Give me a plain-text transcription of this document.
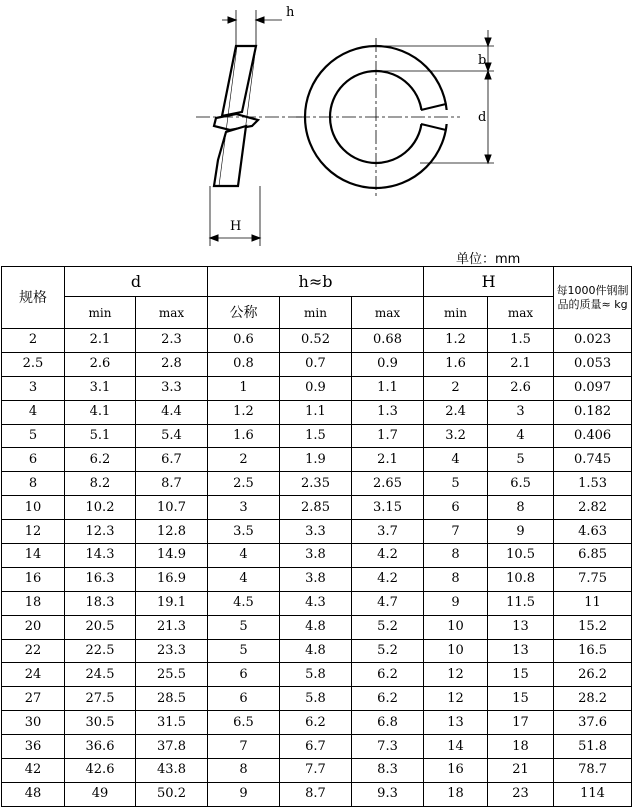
h
b
d
H
单位：mm
规格	d		h≈b			H		每1000件钢制品的质量≈ kg
	min	max	公称	min	max	min	max	
2	2.1	2.3	0.6	0.52	0.68	1.2	1.5	0.023
2.5	2.6	2.8	0.8	0.7	0.9	1.6	2.1	0.053
3	3.1	3.3	1	0.9	1.1	2	2.6	0.097
4	4.1	4.4	1.2	1.1	1.3	2.4	3	0.182
5	5.1	5.4	1.6	1.5	1.7	3.2	4	0.406
6	6.2	6.7	2	1.9	2.1	4	5	0.745
8	8.2	8.7	2.5	2.35	2.65	5	6.5	1.53
10	10.2	10.7	3	2.85	3.15	6	8	2.82
12	12.3	12.8	3.5	3.3	3.7	7	9	4.63
14	14.3	14.9	4	3.8	4.2	8	10.5	6.85
16	16.3	16.9	4	3.8	4.2	8	10.8	7.75
18	18.3	19.1	4.5	4.3	4.7	9	11.5	11
20	20.5	21.3	5	4.8	5.2	10	13	15.2
22	22.5	23.3	5	4.8	5.2	10	13	16.5
24	24.5	25.5	6	5.8	6.2	12	15	26.2
27	27.5	28.5	6	5.8	6.2	12	15	28.2
30	30.5	31.5	6.5	6.2	6.8	13	17	37.6
36	36.6	37.8	7	6.7	7.3	14	18	51.8
42	42.6	43.8	8	7.7	8.3	16	21	78.7
48	49	50.2	9	8.7	9.3	18	23	114
